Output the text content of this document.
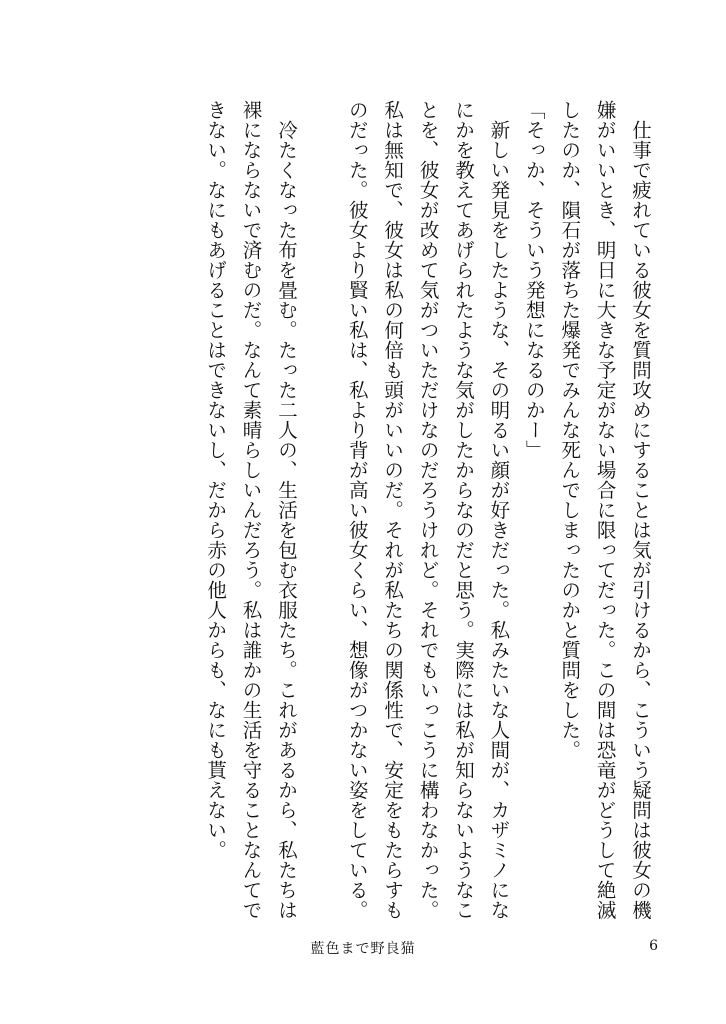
仕事で疲れている彼女を質問攻めにすることは気が引けるから、こういう疑問は彼女の機嫌がいいとき、明日に大きな予定がない場合に限ってだった。この間は恐竜がどうして絶滅したのか、隕石が落ちた爆発でみんな死んでしまったのかと質問をした。

「そっか、そういう発想になるのかー」

新しい発見をしたような、その明るい顔が好きだった。私みたいな人間が、カザミノになにかを教えてあげられたような気がしたからなのだと思う。実際には私が知らないようなことを、彼女が改めて気がついただけなのだろうけれど。それでもいっこうに構わなかった。私は無知で、彼女は私の何倍も頭がいいのだ。それが私たちの関係性で、安定をもたらすものだった。彼女より賢い私は、私より背が高い彼女くらい、想像がつかない姿をしている。

冷たくなった布を畳む。たった二人の、生活を包む衣服たち。これがあるから、私たちは裸にならないで済むのだ。なんて素晴らしいんだろう。私は誰かの生活を守ることなんてできない。なにもあげることはできないし、だから赤の他人からも、なにも貰えない。

藍色まで野良猫	6
